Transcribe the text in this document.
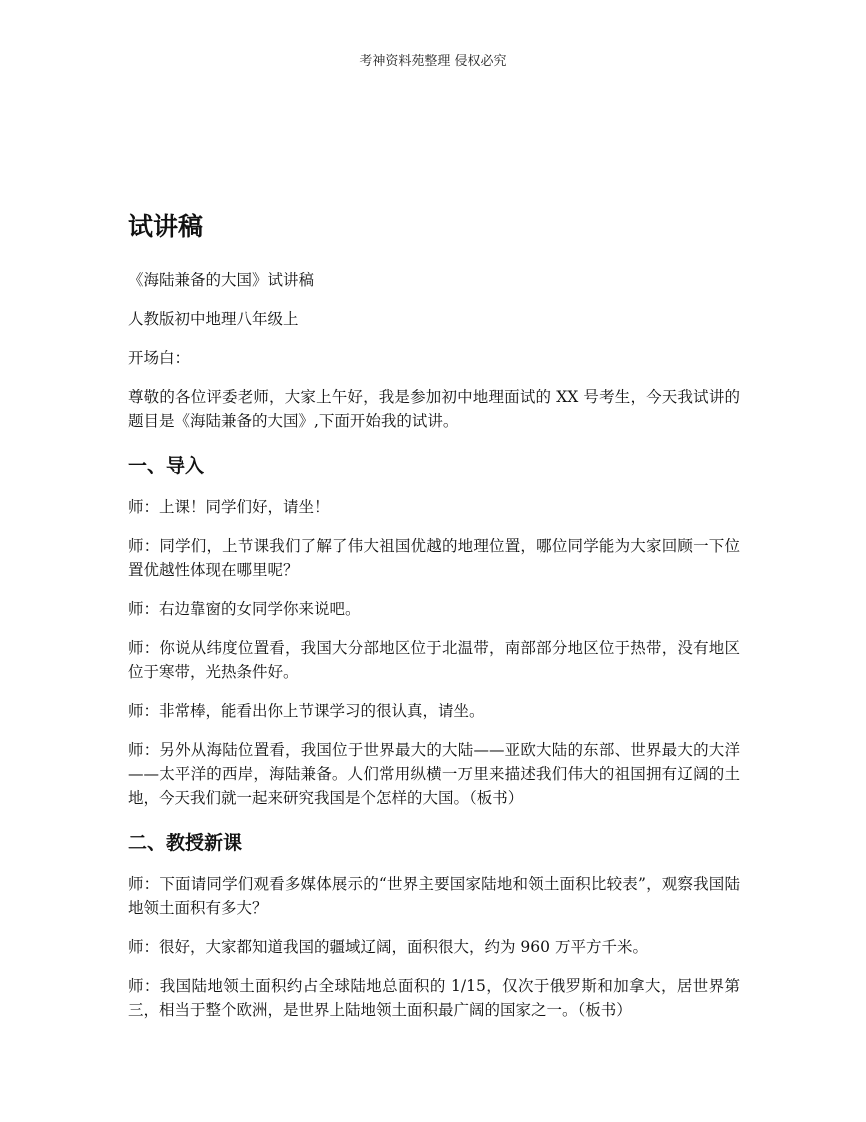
考神资料苑整理 侵权必究
试讲稿

《海陆兼备的大国》试讲稿

人教版初中地理八年级上

开场白：

尊敬的各位评委老师，大家上午好，我是参加初中地理面试的 XX 号考生，今天我试讲的题目是《海陆兼备的大国》,下面开始我的试讲。

一、导入

师：上课！同学们好，请坐！

师：同学们，上节课我们了解了伟大祖国优越的地理位置，哪位同学能为大家回顾一下位置优越性体现在哪里呢？

师：右边靠窗的女同学你来说吧。

师：你说从纬度位置看，我国大分部地区位于北温带，南部部分地区位于热带，没有地区位于寒带，光热条件好。

师：非常棒，能看出你上节课学习的很认真，请坐。

师：另外从海陆位置看，我国位于世界最大的大陆——亚欧大陆的东部、世界最大的大洋——太平洋的西岸，海陆兼备。人们常用纵横一万里来描述我们伟大的祖国拥有辽阔的土地，今天我们就一起来研究我国是个怎样的大国。（板书）

二、教授新课

师：下面请同学们观看多媒体展示的“世界主要国家陆地和领土面积比较表”，观察我国陆地领土面积有多大？

师：很好，大家都知道我国的疆域辽阔，面积很大，约为 960 万平方千米。

师：我国陆地领土面积约占全球陆地总面积的 1/15，仅次于俄罗斯和加拿大，居世界第三，相当于整个欧洲，是世界上陆地领土面积最广阔的国家之一。（板书）
